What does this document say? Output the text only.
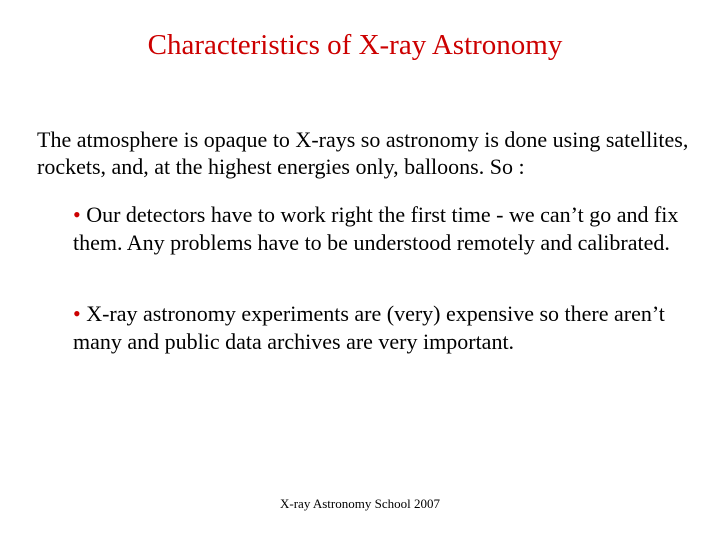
Characteristics of X-ray Astronomy
The atmosphere is opaque to X-rays so astronomy is done using satellites, rockets, and, at the highest energies only, balloons. So :
• Our detectors have to work right the first time - we can’t go and fix them. Any problems have to be understood remotely and calibrated.
• X-ray astronomy experiments are (very) expensive so there aren’t many and public data archives are very important.
X-ray Astronomy School 2007
